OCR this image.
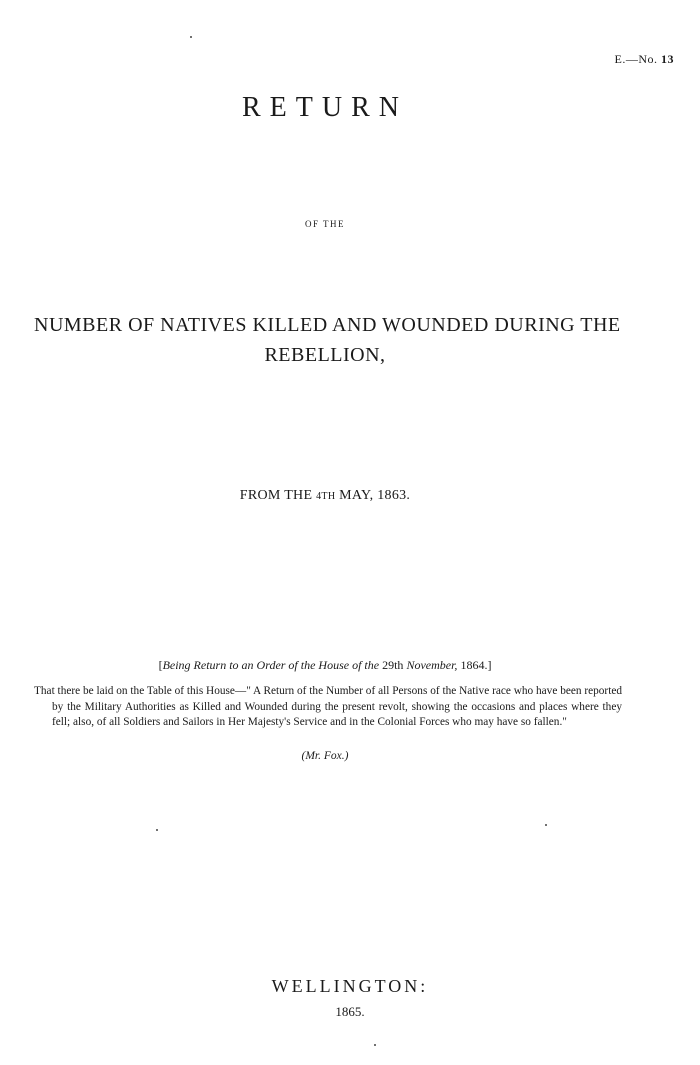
E.—No. 13
RETURN
OF THE
NUMBER OF NATIVES KILLED AND WOUNDED DURING THE
REBELLION,
FROM THE 4TH MAY, 1863.
[Being Return to an Order of the House of the 29th November, 1864.]
That there be laid on the Table of this House—" A Return of the Number of all Persons of the Native race who have been reported by the Military Authorities as Killed and Wounded during the present revolt, showing the occasions and places where they fell; also, of all Soldiers and Sailors in Her Majesty's Service and in the Colonial Forces who may have so fallen."
(Mr. Fox.)
WELLINGTON:
1865.
